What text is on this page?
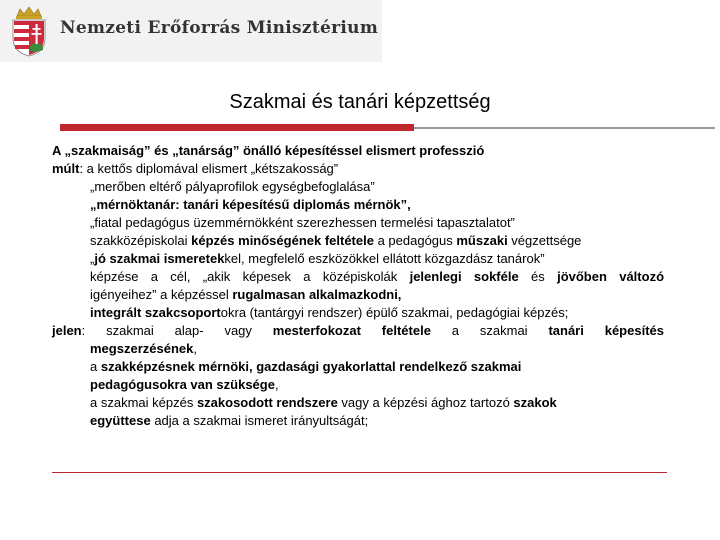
Nemzeti Erőforrás Minisztérium
Szakmai és tanári képzettség
A „szakmaiság” és „tanárság” önálló képesítéssel elismert professzió
múlt: a kettős diplomával elismert „kétszakosság”
„merőben eltérő pályaprofilok egységbefoglalása”
„mérnöktanár: tanári képesítésű diplomás mérnök”,
„fiatal pedagógus üzemmérnökként szerezhessen termelési tapasztalatot”
szakközépiskolai képzés minőségének feltétele a pedagógus műszaki végzettsége
„jó szakmai ismeretekkel, megfelelő eszközökkel ellátott közgazdász tanárok”
képzése a cél, „akik képesek a középiskolák jelenlegi sokféle és jövőben változó
igényeihez” a képzéssel rugalmasan alkalmazkodni,
integrált szakcsoportokra (tantárgyi rendszer) épülő szakmai, pedagógiai képzés;
jelen: szakmai alap- vagy mesterfokozat feltétele a szakmai tanári képesítés
megszerzésének,
a szakképzésnek mérnöki, gazdasági gyakorlattal rendelkező szakmai
pedagógusokra van szüksége,
a szakmai képzés szakosodott rendszere vagy a képzési ághoz tartozó szakok
együttese adja a szakmai ismeret irányultságát;
